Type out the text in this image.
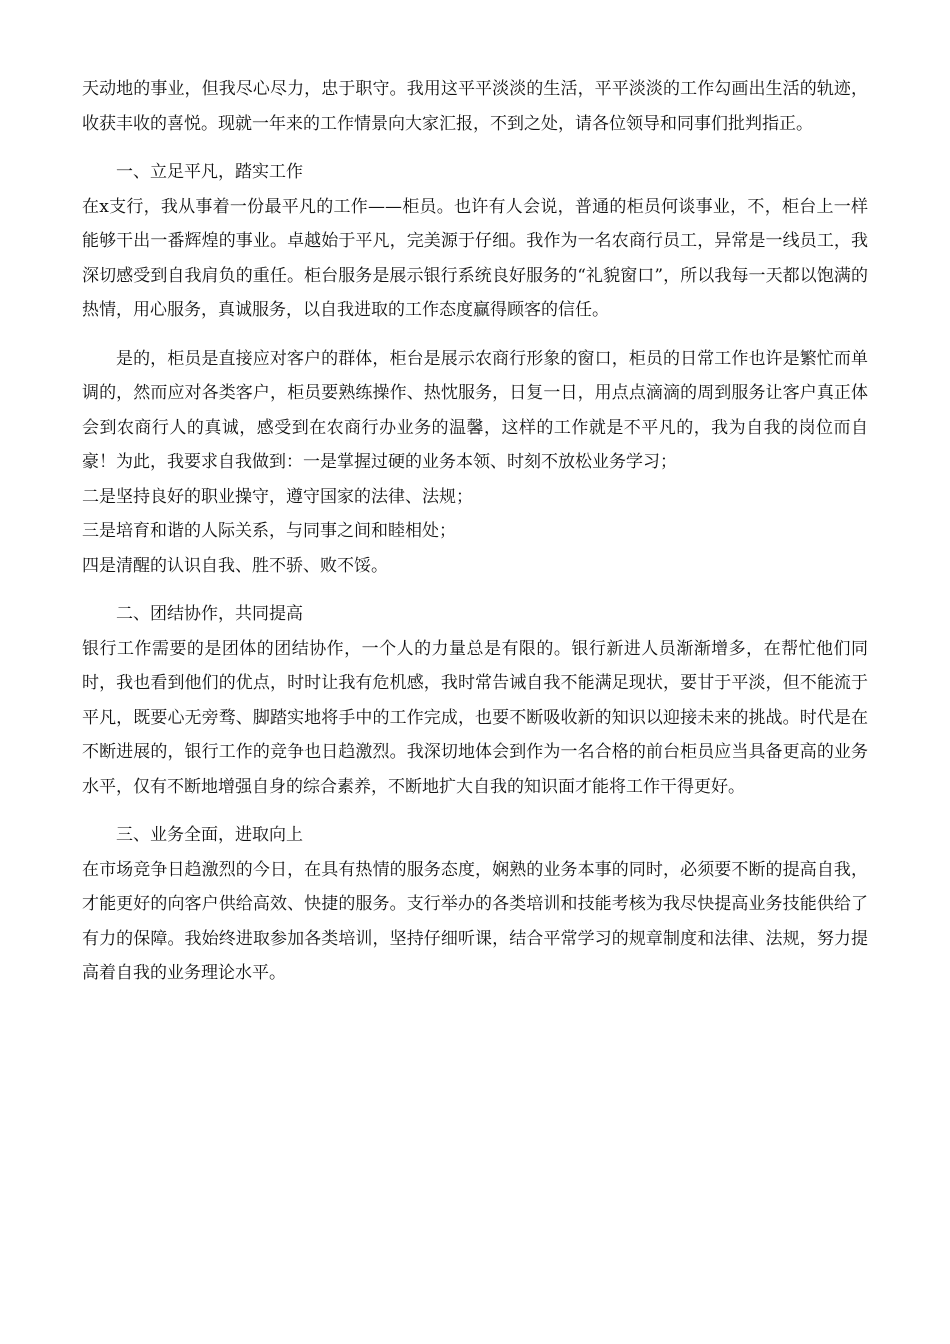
天动地的事业，但我尽心尽力，忠于职守。我用这平平淡淡的生活，平平淡淡的工作勾画出生活的轨迹，收获丰收的喜悦。现就一年来的工作情景向大家汇报，不到之处，请各位领导和同事们批判指正。

一、立足平凡，踏实工作

在x支行，我从事着一份最平凡的工作——柜员。也许有人会说，普通的柜员何谈事业，不，柜台上一样能够干出一番辉煌的事业。卓越始于平凡，完美源于仔细。我作为一名农商行员工，异常是一线员工，我深切感受到自我肩负的重任。柜台服务是展示银行系统良好服务的“礼貌窗口”，所以我每一天都以饱满的热情，用心服务，真诚服务，以自我进取的工作态度赢得顾客的信任。

是的，柜员是直接应对客户的群体，柜台是展示农商行形象的窗口，柜员的日常工作也许是繁忙而单调的，然而应对各类客户，柜员要熟练操作、热忱服务，日复一日，用点点滴滴的周到服务让客户真正体会到农商行人的真诚，感受到在农商行办业务的温馨，这样的工作就是不平凡的，我为自我的岗位而自豪！为此，我要求自我做到：一是掌握过硬的业务本领、时刻不放松业务学习；

二是坚持良好的职业操守，遵守国家的法律、法规；

三是培育和谐的人际关系，与同事之间和睦相处；

四是清醒的认识自我、胜不骄、败不馁。

二、团结协作，共同提高

银行工作需要的是团体的团结协作，一个人的力量总是有限的。银行新进人员渐渐增多，在帮忙他们同时，我也看到他们的优点，时时让我有危机感，我时常告诫自我不能满足现状，要甘于平淡，但不能流于平凡，既要心无旁骛、脚踏实地将手中的工作完成，也要不断吸收新的知识以迎接未来的挑战。时代是在不断进展的，银行工作的竞争也日趋激烈。我深切地体会到作为一名合格的前台柜员应当具备更高的业务水平，仅有不断地增强自身的综合素养，不断地扩大自我的知识面才能将工作干得更好。

三、业务全面，进取向上

在市场竞争日趋激烈的今日，在具有热情的服务态度，娴熟的业务本事的同时，必须要不断的提高自我，才能更好的向客户供给高效、快捷的服务。支行举办的各类培训和技能考核为我尽快提高业务技能供给了有力的保障。我始终进取参加各类培训，坚持仔细听课，结合平常学习的规章制度和法律、法规，努力提高着自我的业务理论水平。
